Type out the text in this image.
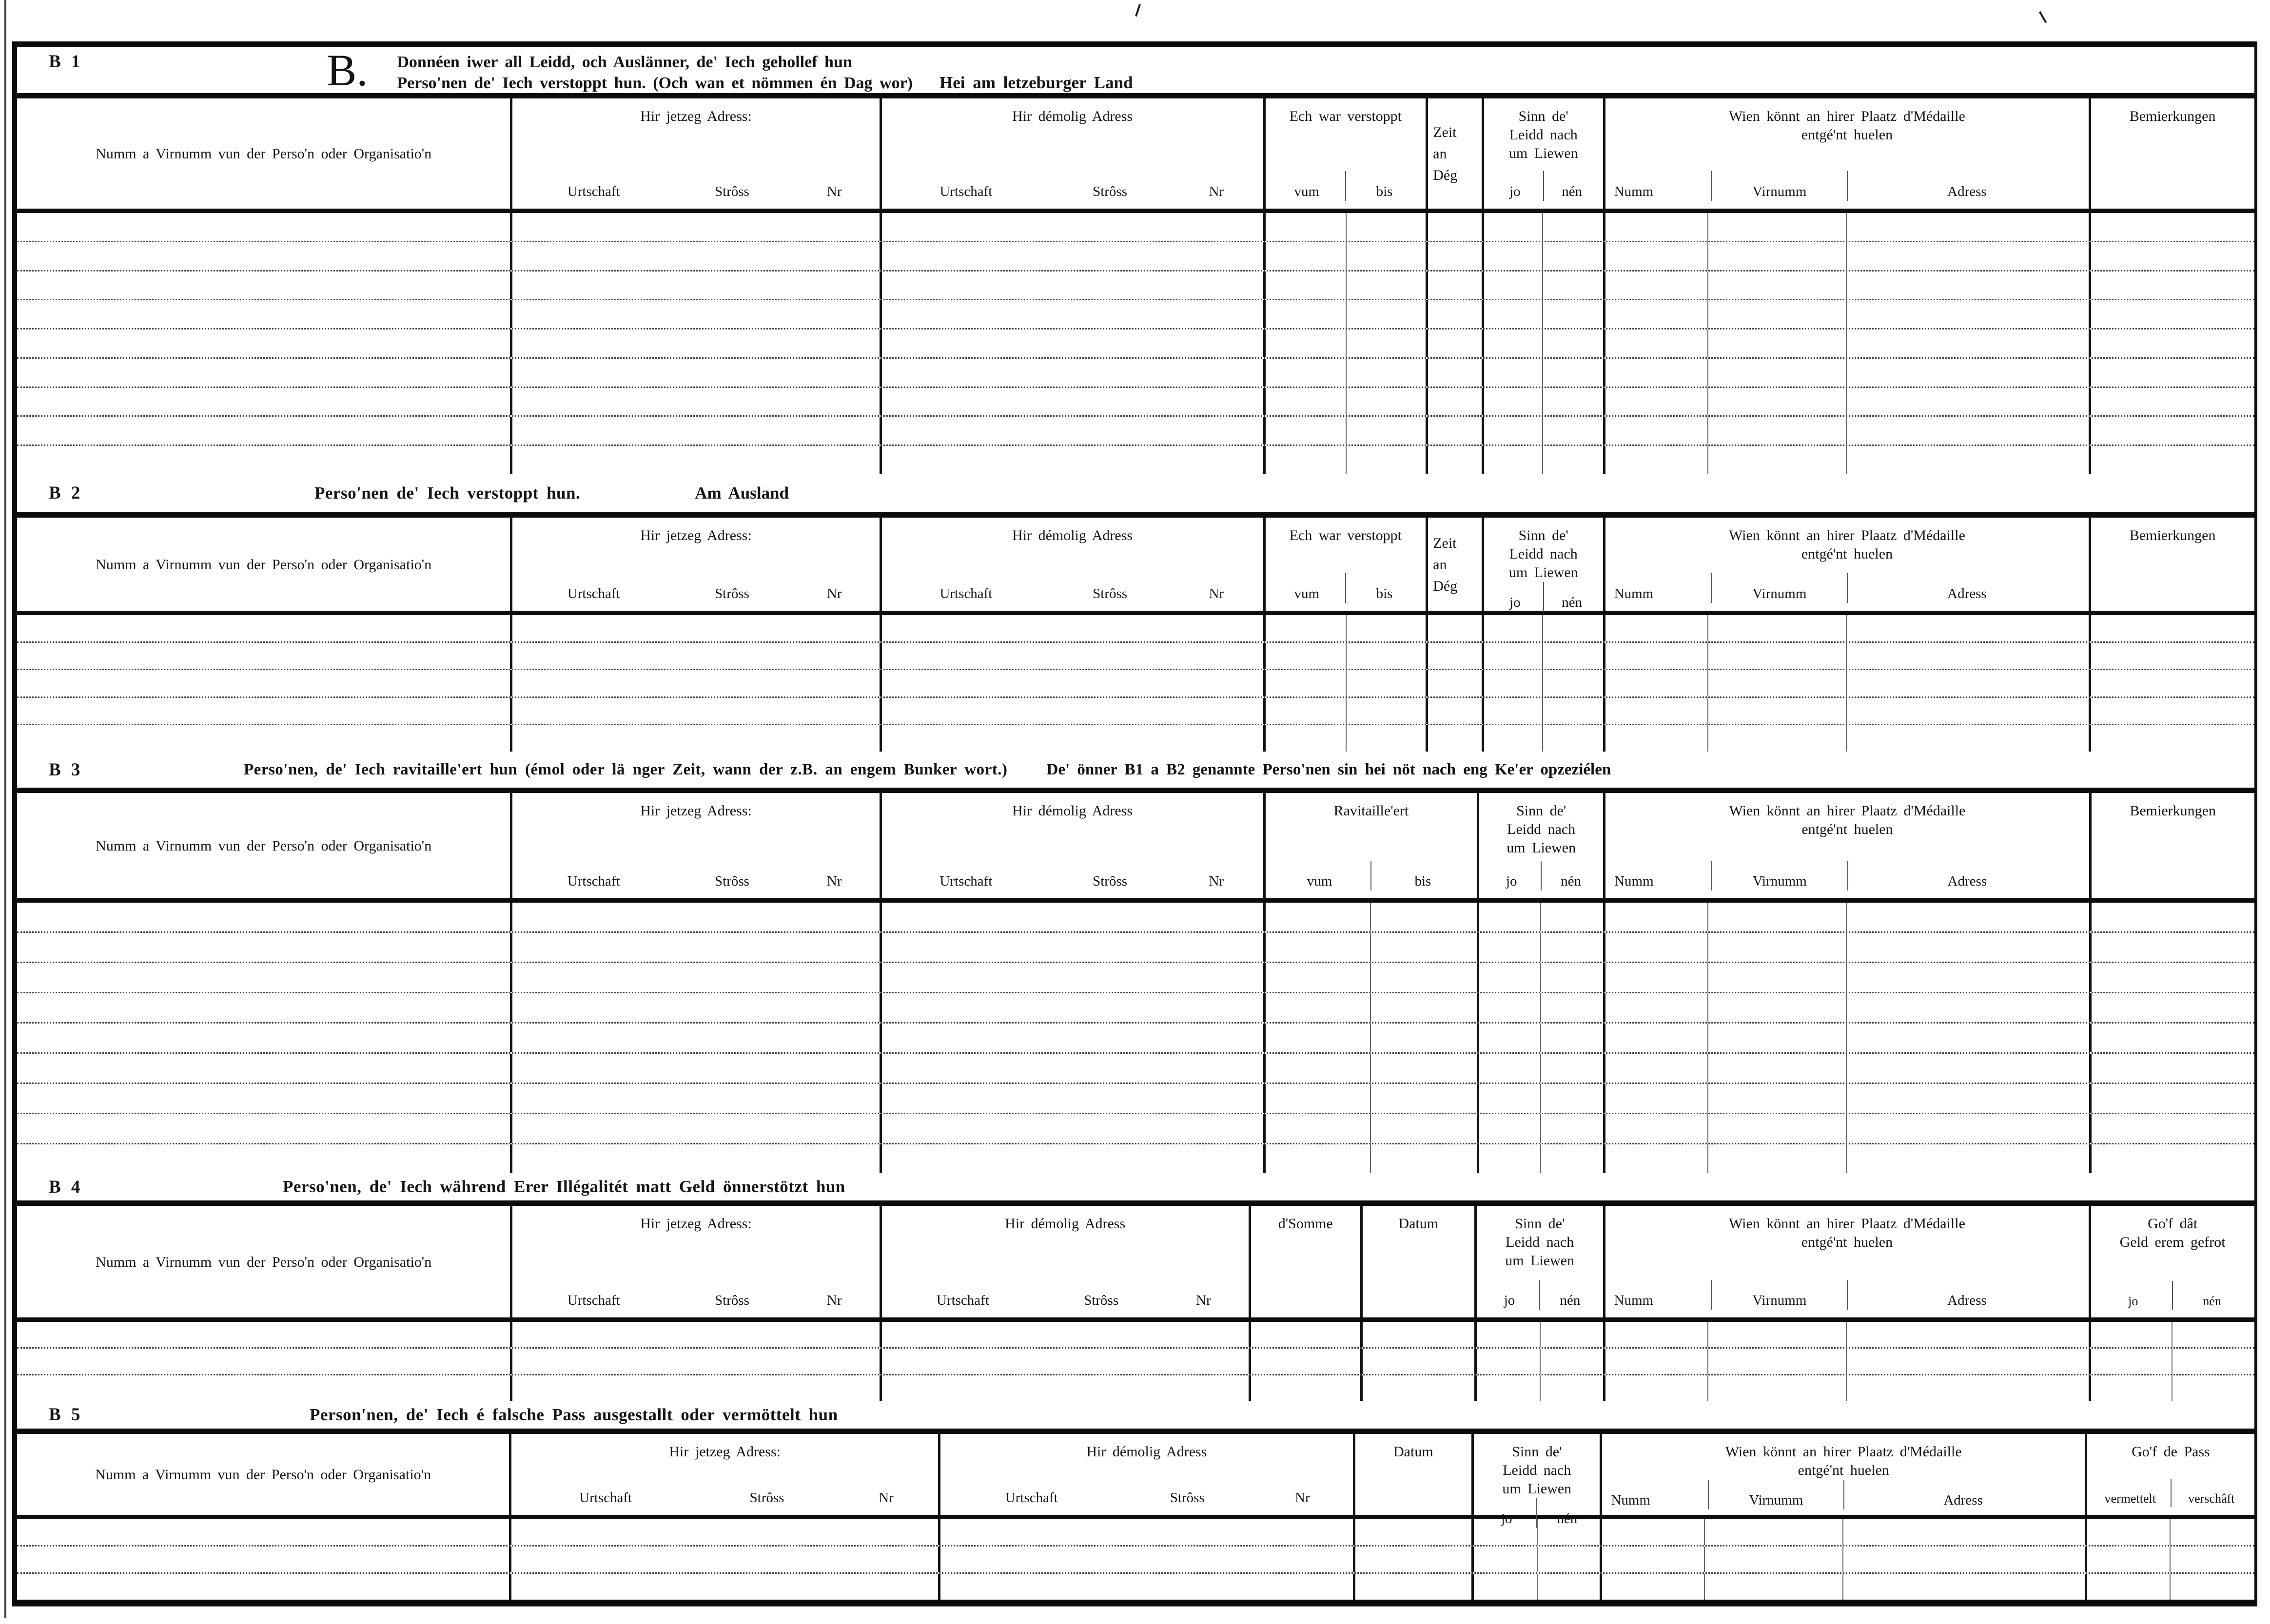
B 1	B. Donnéen iwer all Leidd, och Auslänner, de' Iech gehollef hun
Perso'nen de' Iech verstoppt hun. (Och wan et nömmen én Dag wor) Hei am letzeburger Land
Numm a Virnumm vun der Perso'n oder Organisatio'n
Hir jetzeg Adress:
Urtschaft	Strôss	Nr
Hir démolig Adress
Urtschaft	Strôss	Nr
Ech war verstoppt
vum	bis
Zeit
an
Dég
Sinn de'
Leidd nach
um Liewen
jo	nén
Wien könnt an hirer Plaatz d'Médaille
entgé'nt huelen
Numm	Virnumm	Adress
Bemierkungen
B 2	Perso'nen de' Iech verstoppt hun.	Am Ausland
Numm a Virnumm vun der Perso'n oder Organisatio'n
Hir jetzeg Adress:
Urtschaft	Strôss	Nr
Hir démolig Adress
Urtschaft	Strôss	Nr
Ech war verstoppt
vum	bis
Zeit
an
Dég
Sinn de'
Leidd nach
um Liewen
jo	nén
Wien könnt an hirer Plaatz d'Médaille
entgé'nt huelen
Numm	Virnumm	Adress
Bemierkungen
B 3	Perso'nen, de' Iech ravitaille'ert hun (émol oder lä nger Zeit, wann der z.B. an engem Bunker wort.) De' önner B1 a B2 genannte Perso'nen sin hei nöt nach eng Ke'er opzeziélen
Numm a Virnumm vun der Perso'n oder Organisatio'n
Hir jetzeg Adress:
Urtschaft	Strôss	Nr
Hir démolig Adress
Urtschaft	Strôss	Nr
Ravitaille'ert
vum	bis
Sinn de'
Leidd nach
um Liewen
jo	nén
Wien könnt an hirer Plaatz d'Médaille
entgé'nt huelen
Numm	Virnumm	Adress
Bemierkungen
B 4	Perso'nen, de' Iech während Erer Illégalitét matt Geld önnerstötzt hun
Numm a Virnumm vun der Perso'n oder Organisatio'n
Hir jetzeg Adress:
Urtschaft	Strôss	Nr
Hir démolig Adress
Urtschaft	Strôss	Nr
d'Somme	Datum	Sinn de'
Leidd nach
um Liewen
jo	nén
Wien könnt an hirer Plaatz d'Médaille
entgé'nt huelen
Numm	Virnumm	Adress
Go'f dât
Geld erem gefrot
jo	nén
B 5	Person'nen, de' Iech é falsche Pass ausgestallt oder vermöttelt hun
Numm a Virnumm vun der Perso'n oder Organisatio'n
Hir jetzeg Adress:
Urtschaft	Strôss	Nr
Hir démolig Adress
Urtschaft	Strôss	Nr
Datum	Sinn de'
Leidd nach
um Liewen
jo	nén
Wien könnt an hirer Plaatz d'Médaille
entgé'nt huelen
Numm	Virnumm	Adress
Go'f de Pass
vermettelt	verschâft
